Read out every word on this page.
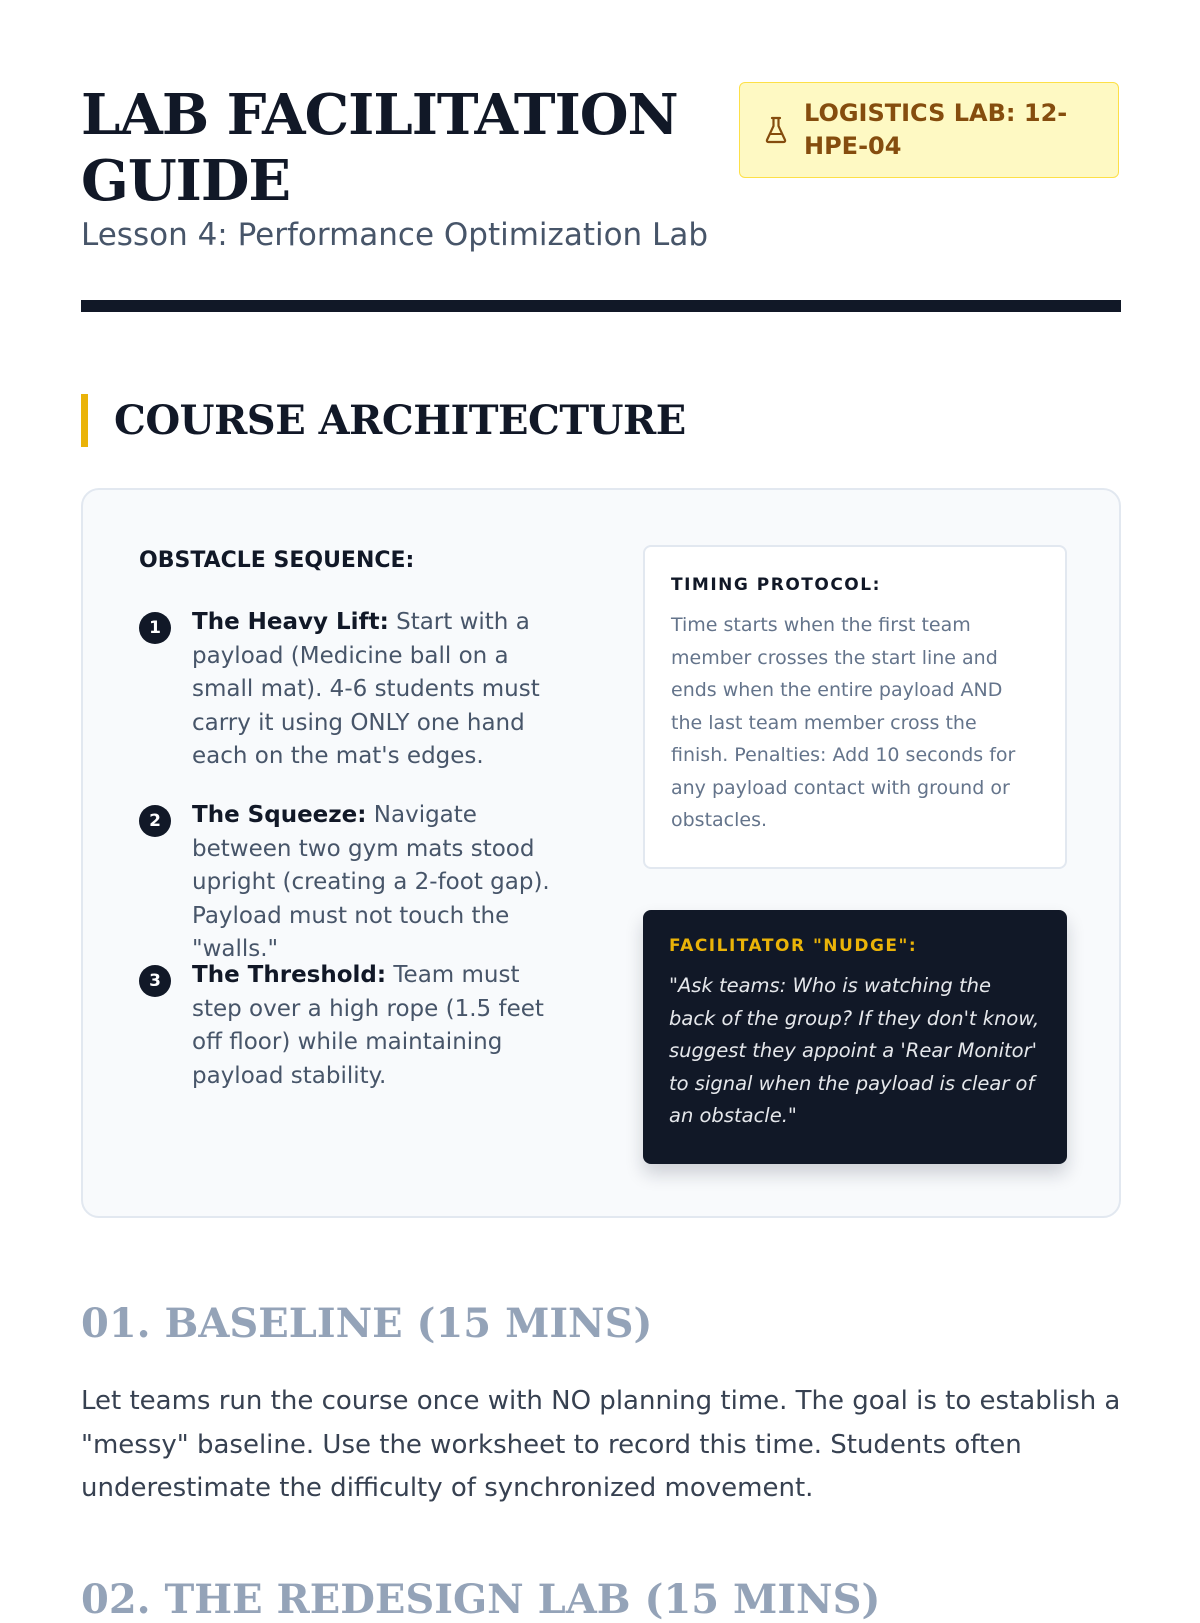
LAB FACILITATION GUIDE

Lesson 4: Performance Optimization Lab

LOGISTICS LAB: 12-HPE-04
COURSE ARCHITECTURE
OBSTACLE SEQUENCE:
1	The Heavy Lift: Start with a payload (Medicine ball on a small mat). 4-6 students must carry it using ONLY one hand each on the mat's edges.
2	The Squeeze: Navigate between two gym mats stood upright (creating a 2-foot gap). Payload must not touch the "walls."
3	The Threshold: Team must step over a high rope (1.5 feet off floor) while maintaining payload stability.
TIMING PROTOCOL:
Time starts when the first team member crosses the start line and ends when the entire payload AND the last team member cross the finish. Penalties: Add 10 seconds for any payload contact with ground or obstacles.
FACILITATOR "NUDGE":
"Ask teams: Who is watching the back of the group? If they don't know, suggest they appoint a 'Rear Monitor' to signal when the payload is clear of an obstacle."
01. BASELINE (15 MINS)

Let teams run the course once with NO planning time. The goal is to establish a "messy" baseline. Use the worksheet to record this time. Students often underestimate the difficulty of synchronized movement.

02. THE REDESIGN LAB (15 MINS)
